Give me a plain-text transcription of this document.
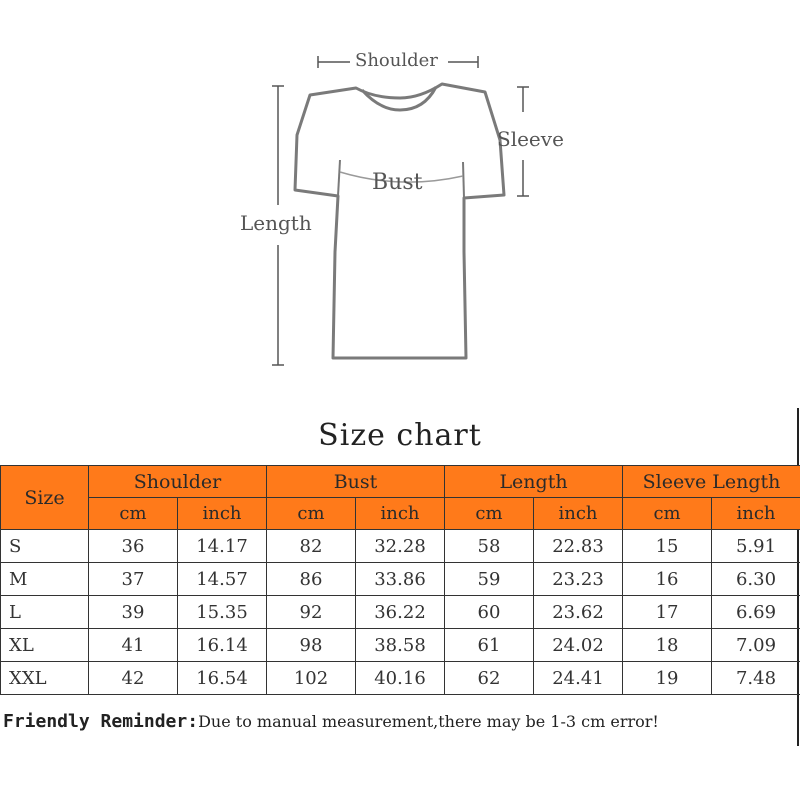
Shoulder
Sleeve
Bust
Length
Size chart
Size	Shoulder		Bust		Length		Sleeve Length	
	cm	inch	cm	inch	cm	inch	cm	inch
S	36	14.17	82	32.28	58	22.83	15	5.91
M	37	14.57	86	33.86	59	23.23	16	6.30
L	39	15.35	92	36.22	60	23.62	17	6.69
XL	41	16.14	98	38.58	61	24.02	18	7.09
XXL	42	16.54	102	40.16	62	24.41	19	7.48
Friendly Reminder:Due to manual measurement,there may be 1-3 cm error!
